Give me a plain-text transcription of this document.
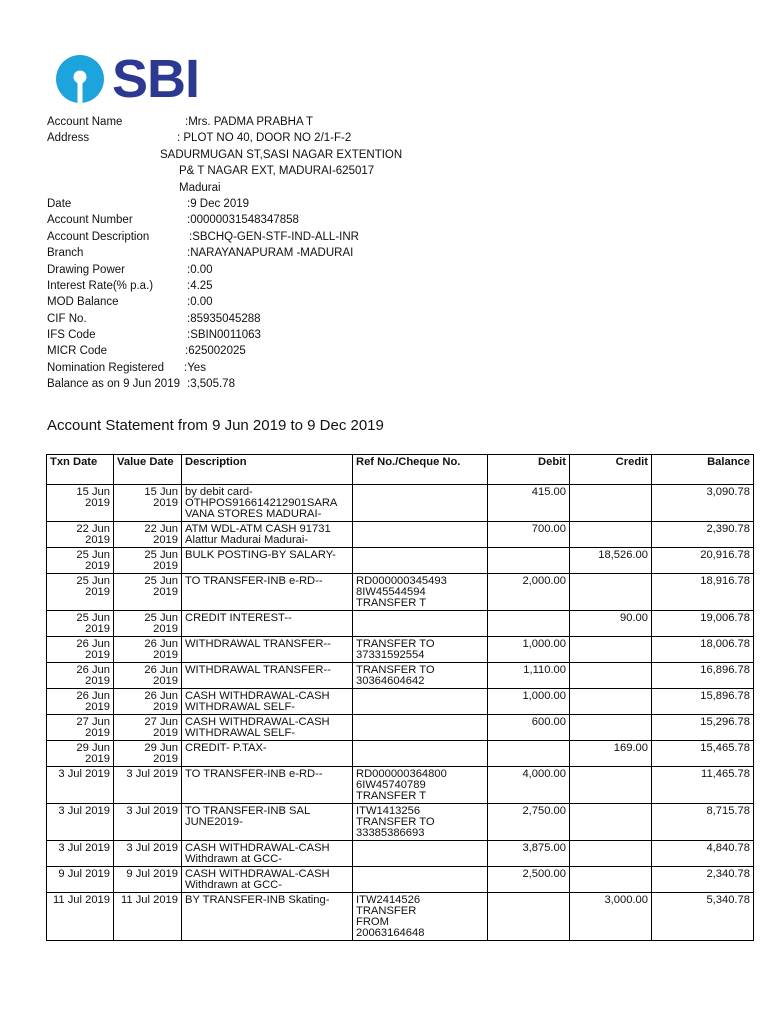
SBI
Account Name	:Mrs. PADMA PRABHA T
Address	: PLOT NO 40, DOOR NO 2/1-F-2
SADURMUGAN ST,SASI NAGAR EXTENTION
P& T NAGAR EXT, MADURAI-625017
Madurai
Date	:9 Dec 2019
Account Number	:00000031548347858
Account Description	:SBCHQ-GEN-STF-IND-ALL-INR
Branch	:NARAYANAPURAM -MADURAI
Drawing Power	:0.00
Interest Rate(% p.a.)	:4.25
MOD Balance	:0.00
CIF No.	:85935045288
IFS Code	:SBIN0011063
MICR Code	:625002025
Nomination Registered :Yes
Balance as on 9 Jun 2019 :3,505.78
Account Statement from 9 Jun 2019 to 9 Dec 2019
Txn Date	Value Date	Description	Ref No./Cheque No.	Debit	Credit	Balance
15 Jun 2019	15 Jun 2019	by debit card-
OTHPOS916614212901SARA
VANA STORES MADURAI-		415.00		3,090.78
22 Jun 2019	22 Jun 2019	ATM WDL-ATM CASH 91731
Alattur Madurai Madurai-		700.00		2,390.78
25 Jun 2019	25 Jun 2019	BULK POSTING-BY SALARY-			18,526.00	20,916.78
25 Jun 2019	25 Jun 2019	TO TRANSFER-INB e-RD--	RD000000345493
8IW45544594
TRANSFER T	2,000.00		18,916.78
25 Jun 2019	25 Jun 2019	CREDIT INTEREST--			90.00	19,006.78
26 Jun 2019	26 Jun 2019	WITHDRAWAL TRANSFER--	TRANSFER TO
37331592554	1,000.00		18,006.78
26 Jun 2019	26 Jun 2019	WITHDRAWAL TRANSFER--	TRANSFER TO
30364604642	1,110.00		16,896.78
26 Jun 2019	26 Jun 2019	CASH WITHDRAWAL-CASH
WITHDRAWAL SELF-		1,000.00		15,896.78
27 Jun 2019	27 Jun 2019	CASH WITHDRAWAL-CASH
WITHDRAWAL SELF-		600.00		15,296.78
29 Jun 2019	29 Jun 2019	CREDIT- P.TAX-			169.00	15,465.78
3 Jul 2019	3 Jul 2019	TO TRANSFER-INB e-RD--	RD000000364800
6IW45740789
TRANSFER T	4,000.00		11,465.78
3 Jul 2019	3 Jul 2019	TO TRANSFER-INB SAL
JUNE2019-	ITW1413256
TRANSFER TO
33385386693	2,750.00		8,715.78
3 Jul 2019	3 Jul 2019	CASH WITHDRAWAL-CASH
Withdrawn at GCC-		3,875.00		4,840.78
9 Jul 2019	9 Jul 2019	CASH WITHDRAWAL-CASH
Withdrawn at GCC-		2,500.00		2,340.78
11 Jul 2019	11 Jul 2019	BY TRANSFER-INB Skating-	ITW2414526
TRANSFER
FROM
20063164648		3,000.00	5,340.78
